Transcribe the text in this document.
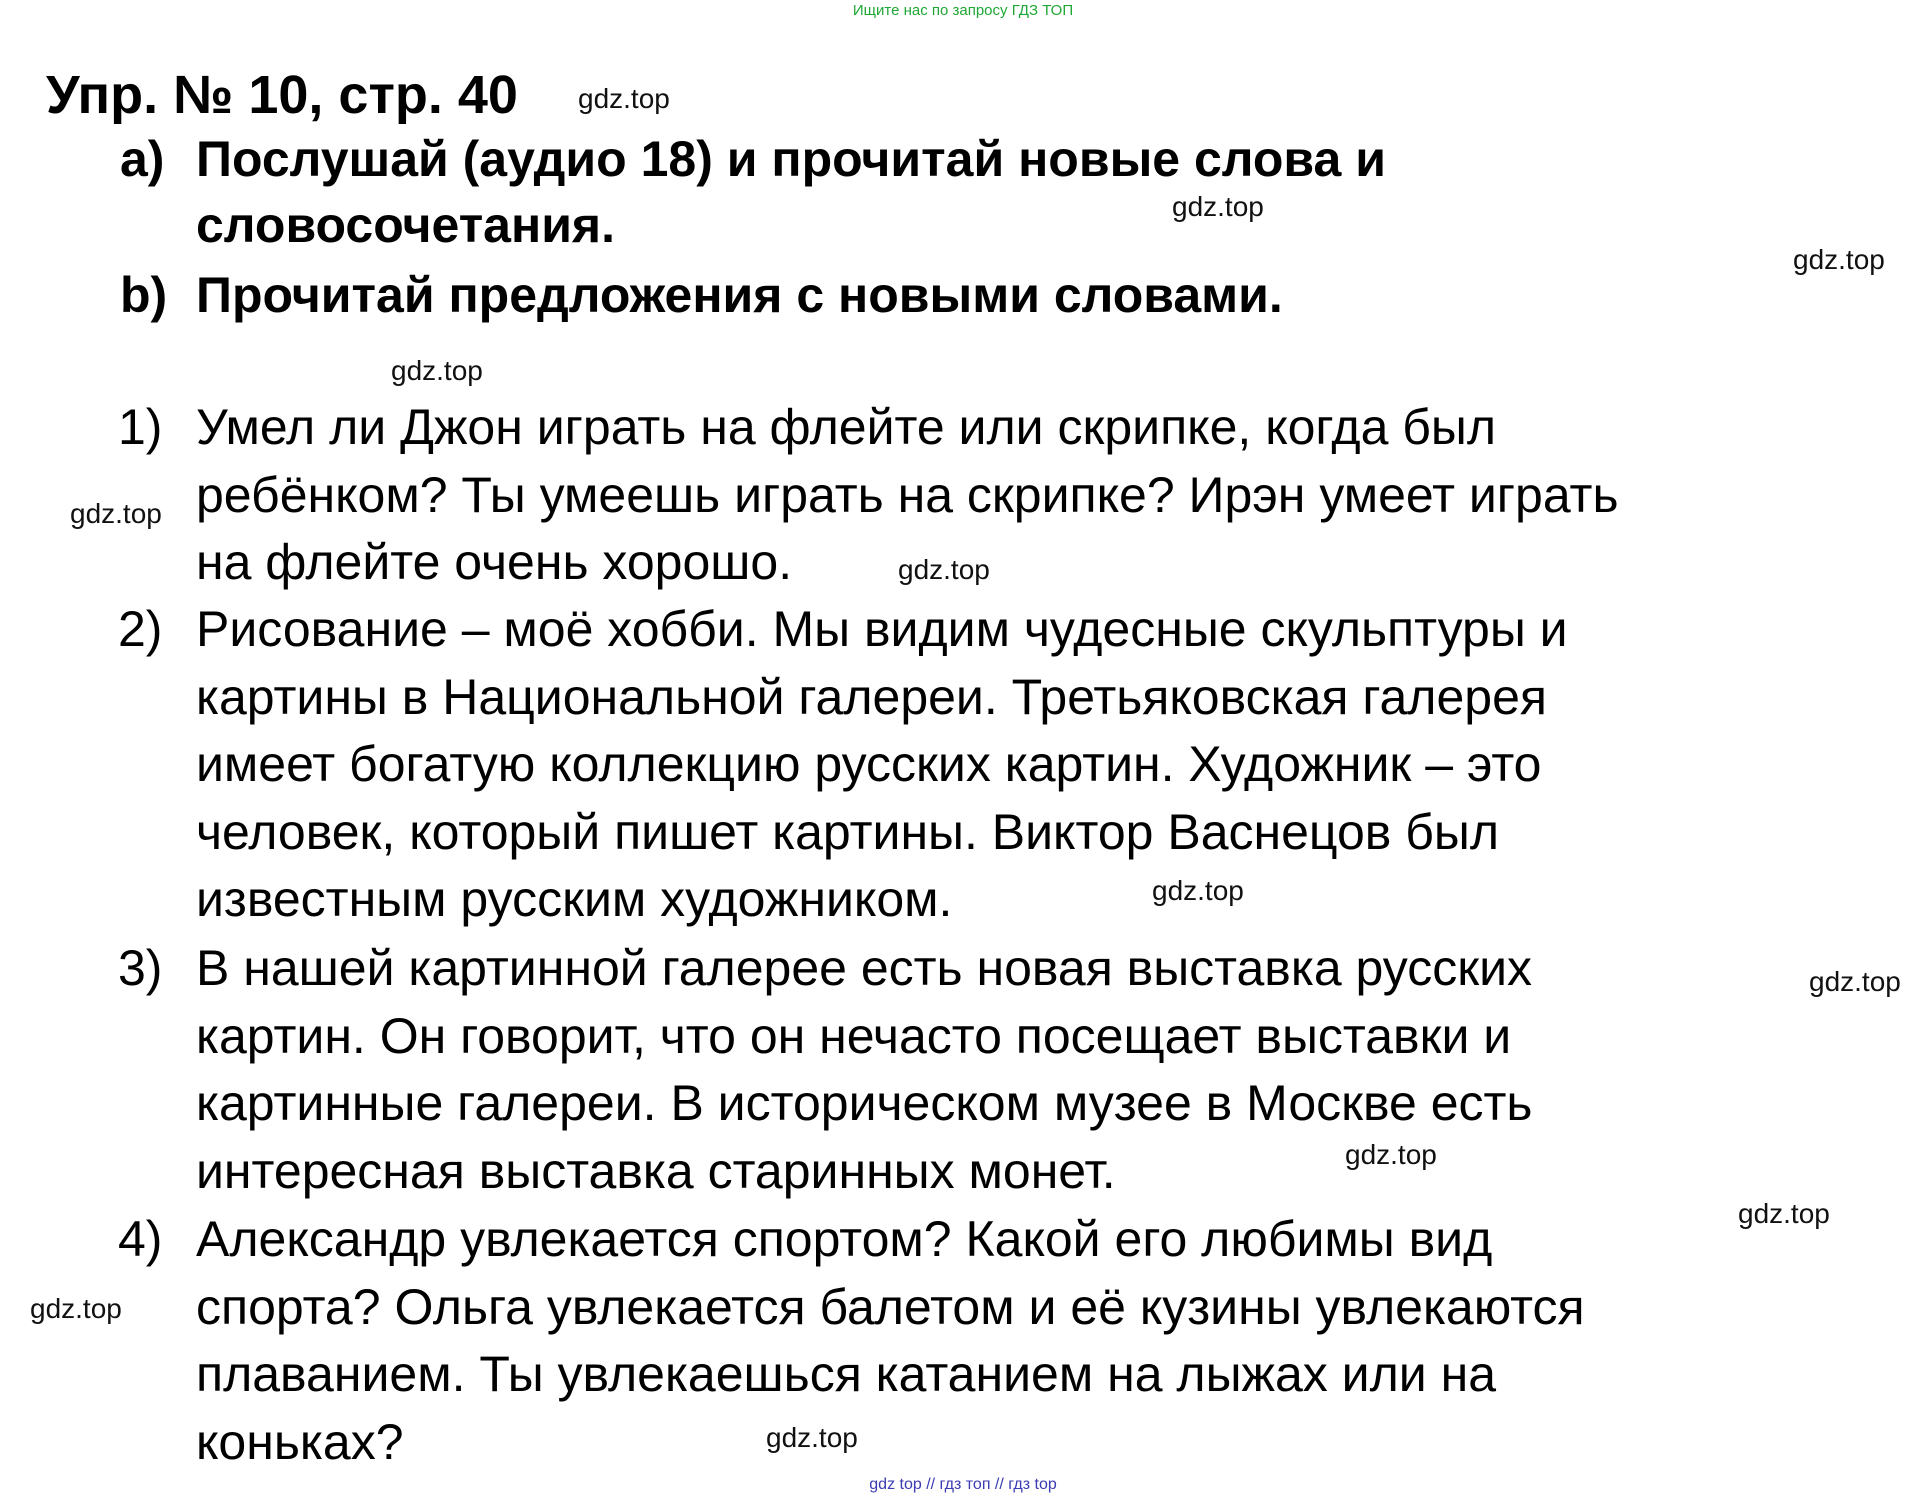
Ищите нас по запросу ГДЗ ТОП
Упр. № 10, стр. 40
a) Послушай (аудио 18) и прочитай новые слова и
словосочетания.
b) Прочитай предложения с новыми словами.
1) Умел ли Джон играть на флейте или скрипке, когда был
ребёнком? Ты умеешь играть на скрипке? Ирэн умеет играть
на флейте очень хорошо.
2) Рисование – моё хобби. Мы видим чудесные скульптуры и
картины в Национальной галереи. Третьяковская галерея
имеет богатую коллекцию русских картин. Художник – это
человек, который пишет картины. Виктор Васнецов был
известным русским художником.
3) В нашей картинной галерее есть новая выставка русских
картин. Он говорит, что он нечасто посещает выставки и
картинные галереи. В историческом музее в Москве есть
интересная выставка старинных монет.
4) Александр увлекается спортом? Какой его любимы вид
спорта? Ольга увлекается балетом и её кузины увлекаются
плаванием. Ты увлекаешься катанием на лыжах или на
коньках?
gdz.top
gdz.top
gdz.top
gdz.top
gdz.top
gdz.top
gdz.top
gdz.top
gdz.top
gdz.top
gdz.top
gdz.top
gdz top // гдз топ // гдз top
